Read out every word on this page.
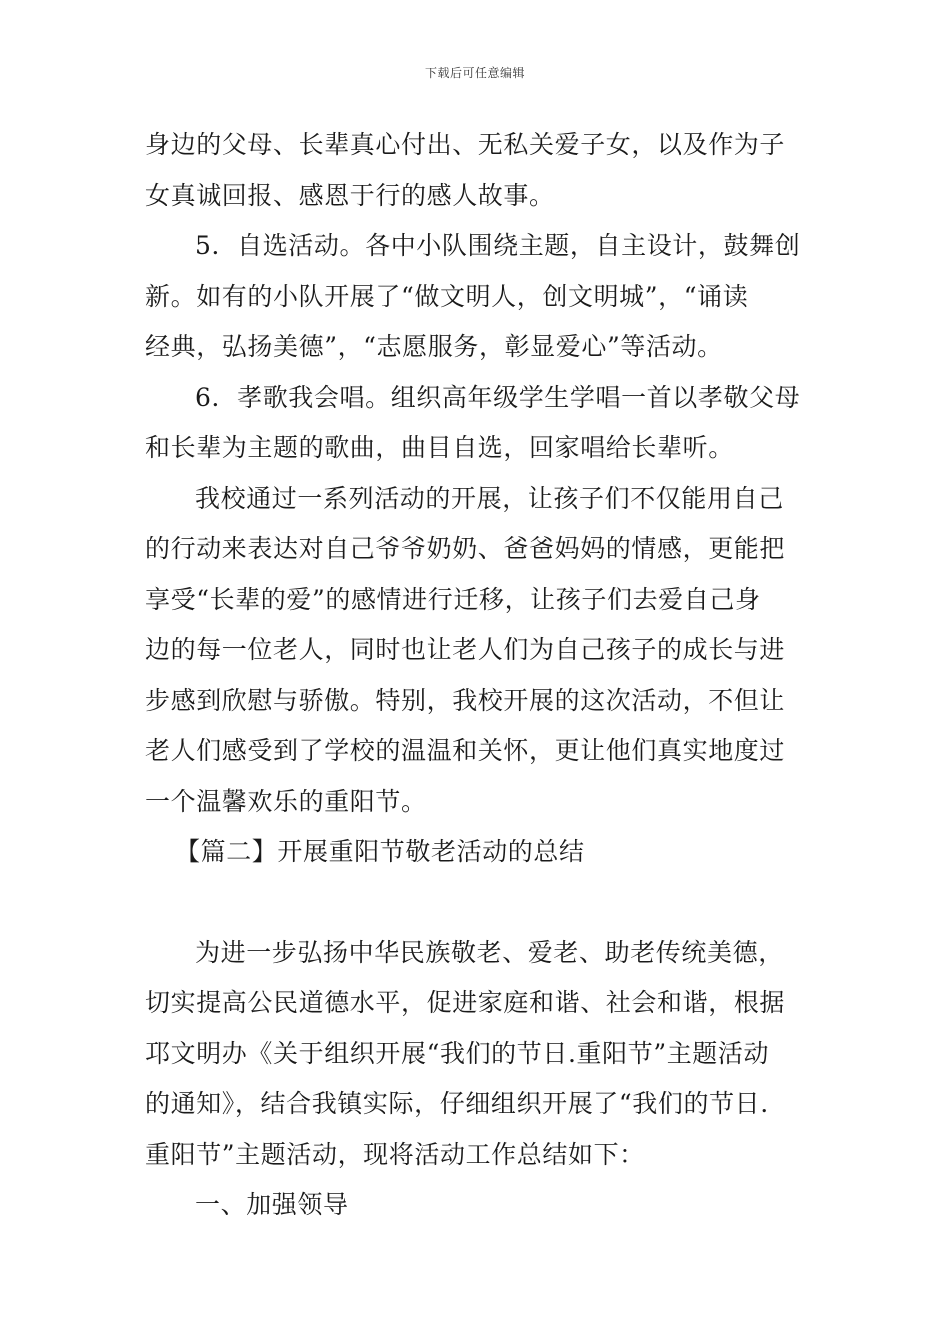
下载后可任意编辑
身边的父母、长辈真心付出、无私关爱子女，以及作为子
女真诚回报、感恩于行的感人故事。
5．自选活动。各中小队围绕主题，自主设计，鼓舞创
新。如有的小队开展了“做文明人，创文明城”，“诵读
经典，弘扬美德”，“志愿服务，彰显爱心”等活动。
6．孝歌我会唱。组织高年级学生学唱一首以孝敬父母
和长辈为主题的歌曲，曲目自选，回家唱给长辈听。
我校通过一系列活动的开展，让孩子们不仅能用自己
的行动来表达对自己爷爷奶奶、爸爸妈妈的情感，更能把
享受“长辈的爱”的感情进行迁移，让孩子们去爱自己身
边的每一位老人，同时也让老人们为自己孩子的成长与进
步感到欣慰与骄傲。特别，我校开展的这次活动，不但让
老人们感受到了学校的温温和关怀，更让他们真实地度过
一个温馨欢乐的重阳节。
【篇二】开展重阳节敬老活动的总结
为进一步弘扬中华民族敬老、爱老、助老传统美德，
切实提高公民道德水平，促进家庭和谐、社会和谐，根据
邛文明办《关于组织开展“我们的节日.重阳节”主题活动
的通知》，结合我镇实际，仔细组织开展了“我们的节日.
重阳节”主题活动，现将活动工作总结如下：
一、加强领导
